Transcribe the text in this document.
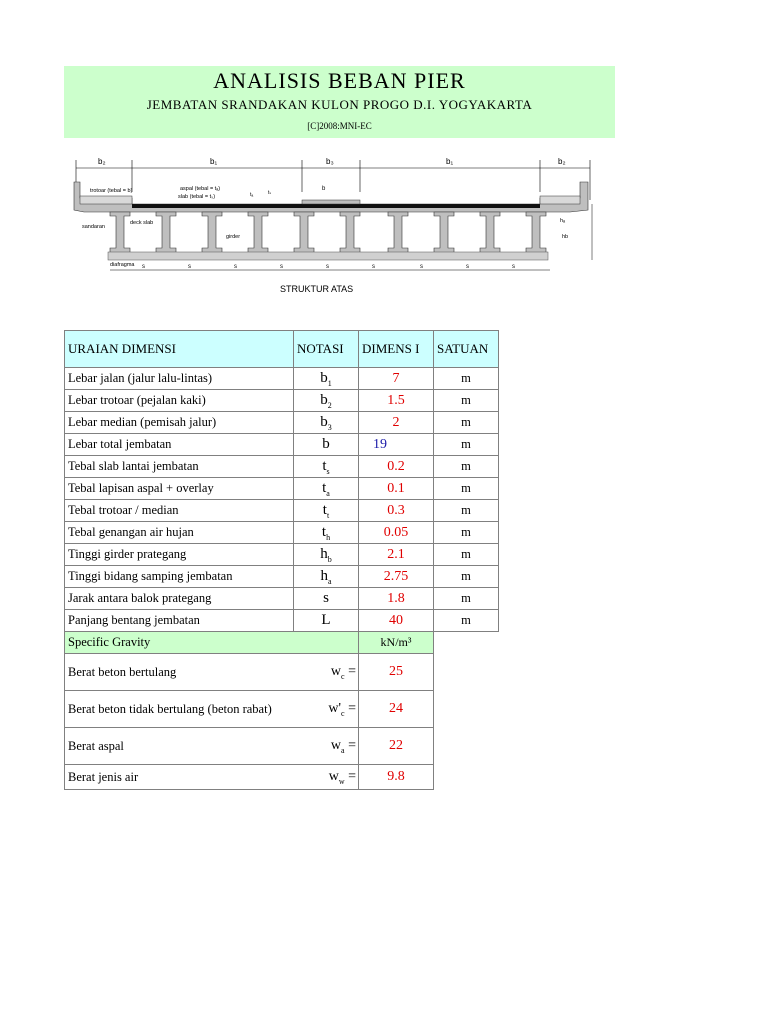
ANALISIS BEBAN PIER
JEMBATAN SRANDAKAN KULON PROGO D.I. YOGYAKARTA
[C]2008:MNI-EC
b₂	b₁	b₃	b₁	b₂
s	s	s	s	s	s	s	s	s
trotoar (tebal = b)	aspal (tebal = tₐ)
slab (tebal = tₛ)	tₐ	tₛ
b
deck slab
sandaran
girder
diafragma
hₐ
hb
STRUKTUR ATAS
URAIAN DIMENSI	NOTASI	DIMENS I	SATUAN
Lebar jalan (jalur lalu-lintas)	$b_1$	7	m
Lebar trotoar (pejalan kaki)	$b_2$	1.5	m
Lebar median (pemisah jalur)	$b_3$	2	m
Lebar total jembatan	b	19	m
Tebal slab lantai jembatan	$t_s$	0.2	m
Tebal lapisan aspal + overlay	$t_a$	0.1	m
Tebal trotoar / median	$t_t$	0.3	m
Tebal genangan air hujan	$t_h$	0.05	m
Tinggi girder prategang	$h_b$	2.1	m
Tinggi bidang samping jembatan	$h_a$	2.75	m
Jarak antara balok prategang	s	1.8	m
Panjang bentang jembatan	L	40	m
Specific Gravity		kN/m³	
Berat beton bertulang	$w_c$ =	25	
Berat beton tidak bertulang (beton rabat)	$w'_c$ =	24	
Berat aspal	$w_a$ =	22	
Berat jenis air	$w_w$ =	9.8	
